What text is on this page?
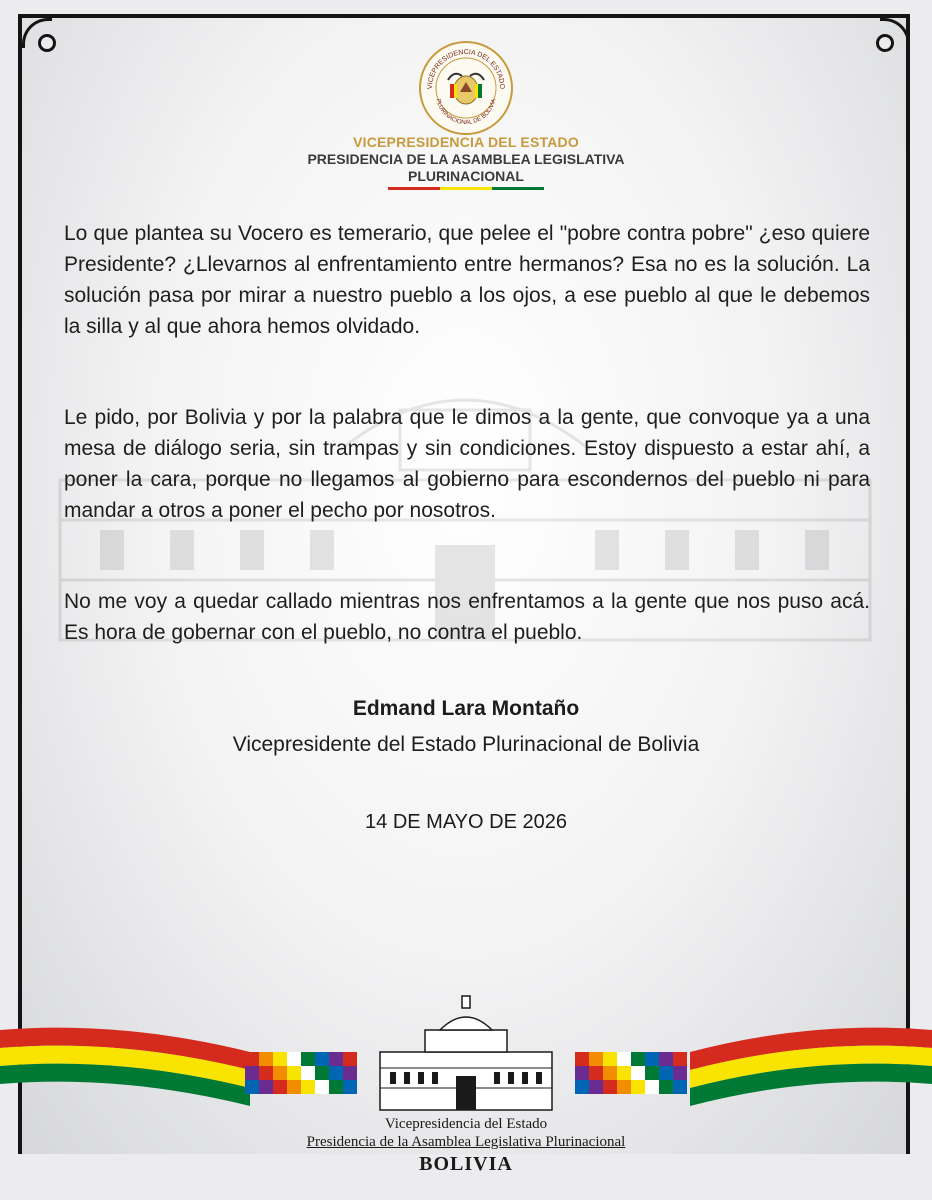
VICEPRESIDENCIA DEL ESTADO
PLURINACIONAL DE BOLIVIA
VICEPRESIDENCIA DEL ESTADO
PRESIDENCIA DE LA ASAMBLEA LEGISLATIVA
PLURINACIONAL
Lo que plantea su Vocero es temerario, que pelee el "pobre contra pobre" ¿eso quiere Presidente? ¿Llevarnos al enfrentamiento entre hermanos? Esa no es la solución. La solución pasa por mirar a nuestro pueblo a los ojos, a ese pueblo al que le debemos la silla y al que ahora hemos olvidado.
Le pido, por Bolivia y por la palabra que le dimos a la gente, que convoque ya a una mesa de diálogo seria, sin trampas y sin condiciones. Estoy dispuesto a estar ahí, a poner la cara, porque no llegamos al gobierno para escondernos del pueblo ni para mandar a otros a poner el pecho por nosotros.
No me voy a quedar callado mientras nos enfrentamos a la gente que nos puso acá. Es hora de gobernar con el pueblo, no contra el pueblo.
Edmand Lara Montaño
Vicepresidente del Estado Plurinacional de Bolivia
14 DE MAYO DE 2026
Vicepresidencia del Estado
Presidencia de la Asamblea Legislativa Plurinacional
BOLIVIA
